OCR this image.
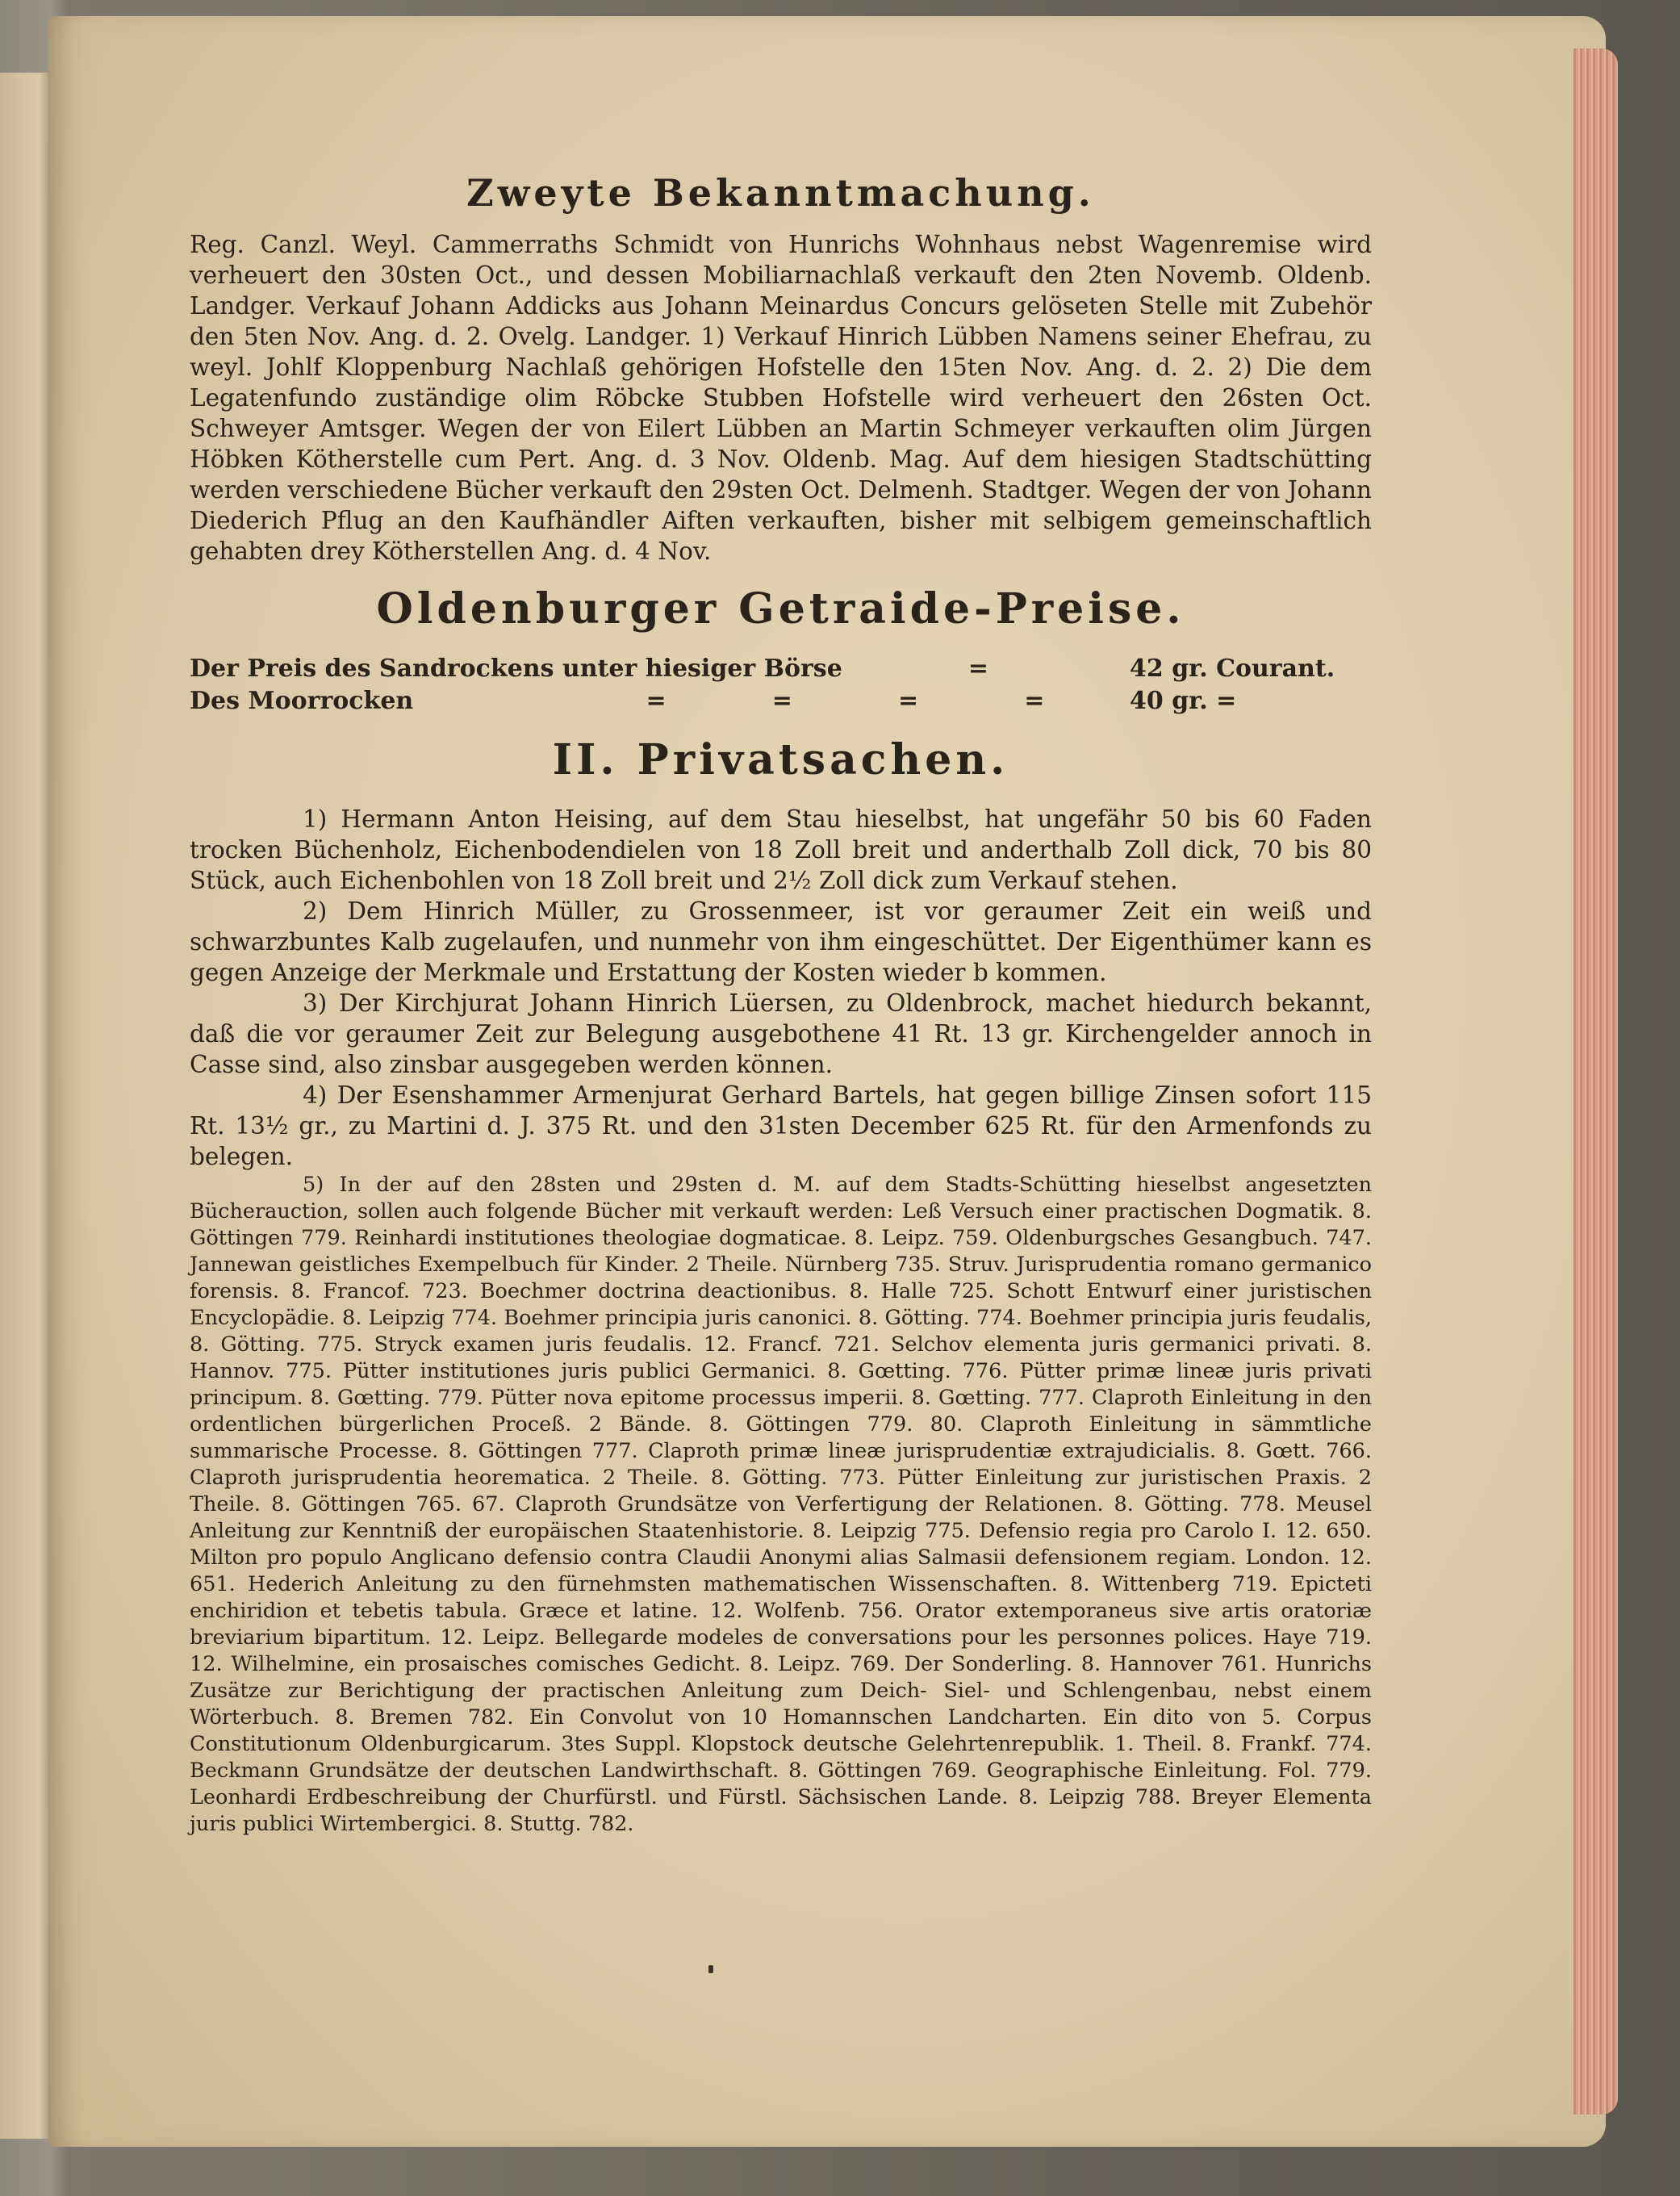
Zweyte Bekanntmachung.

Reg. Canzl. Weyl. Cammerraths Schmidt von Hunrichs Wohnhaus nebst Wagenremise wird verheuert den 30sten Oct., und dessen Mobiliarnachlaß verkauft den 2ten Novemb. Oldenb. Landger. Verkauf Johann Addicks aus Johann Meinardus Concurs gelöseten Stelle mit Zubehör den 5ten Nov. Ang. d. 2. Ovelg. Landger. 1) Verkauf Hinrich Lübben Namens seiner Ehefrau, zu weyl. Johlf Kloppenburg Nachlaß gehörigen Hofstelle den 15ten Nov. Ang. d. 2. 2) Die dem Legatenfundo zuständige olim Röbcke Stubben Hofstelle wird verheuert den 26sten Oct. Schweyer Amtsger. Wegen der von Eilert Lübben an Martin Schmeyer verkauften olim Jürgen Höbken Kötherstelle cum Pert. Ang. d. 3 Nov. Oldenb. Mag. Auf dem hiesigen Stadtschütting werden verschiedene Bücher verkauft den 29sten Oct. Delmenh. Stadtger. Wegen der von Johann Diederich Pflug an den Kaufhändler Aiften verkauften, bisher mit selbigem gemeinschaftlich gehabten drey Kötherstellen Ang. d. 4 Nov.

Oldenburger Getraide-Preise.
Der Preis des Sandrockens unter hiesiger Börse	=	42 gr. Courant.
Des Moorrocken	=	=	=	=	40 gr. =
II. Privatsachen.

1) Hermann Anton Heising, auf dem Stau hieselbst, hat ungefähr 50 bis 60 Faden trocken Büchenholz, Eichenbodendielen von 18 Zoll breit und anderthalb Zoll dick, 70 bis 80 Stück, auch Eichenbohlen von 18 Zoll breit und 2½ Zoll dick zum Verkauf stehen.

2) Dem Hinrich Müller, zu Grossenmeer, ist vor geraumer Zeit ein weiß und schwarzbuntes Kalb zugelaufen, und nunmehr von ihm eingeschüttet. Der Eigenthümer kann es gegen Anzeige der Merkmale und Erstattung der Kosten wieder b kommen.

3) Der Kirchjurat Johann Hinrich Lüersen, zu Oldenbrock, machet hiedurch bekannt, daß die vor geraumer Zeit zur Belegung ausgebothene 41 Rt. 13 gr. Kirchengelder annoch in Casse sind, also zinsbar ausgegeben werden können.

4) Der Esenshammer Armenjurat Gerhard Bartels, hat gegen billige Zinsen sofort 115 Rt. 13½ gr., zu Martini d. J. 375 Rt. und den 31sten December 625 Rt. für den Armenfonds zu belegen.

5) In der auf den 28sten und 29sten d. M. auf dem Stadts-Schütting hieselbst angesetzten Bücherauction, sollen auch folgende Bücher mit verkauft werden: Leß Versuch einer practischen Dogmatik. 8. Göttingen 779. Reinhardi institutiones theologiae dogmaticae. 8. Leipz. 759. Oldenburgsches Gesangbuch. 747. Jannewan geistliches Exempelbuch für Kinder. 2 Theile. Nürnberg 735. Struv. Jurisprudentia romano germanico forensis. 8. Francof. 723. Boechmer doctrina deactionibus. 8. Halle 725. Schott Entwurf einer juristischen Encyclopädie. 8. Leipzig 774. Boehmer principia juris canonici. 8. Götting. 774. Boehmer principia juris feudalis, 8. Götting. 775. Stryck examen juris feudalis. 12. Francf. 721. Selchov elementa juris germanici privati. 8. Hannov. 775. Pütter institutiones juris publici Germanici. 8. Gœtting. 776. Pütter primæ lineæ juris privati principum. 8. Gœtting. 779. Pütter nova epitome processus imperii. 8. Gœtting. 777. Claproth Einleitung in den ordentlichen bürgerlichen Proceß. 2 Bände. 8. Göttingen 779. 80. Claproth Einleitung in sämmtliche summarische Processe. 8. Göttingen 777. Claproth primæ lineæ jurisprudentiæ extrajudicialis. 8. Gœtt. 766. Claproth jurisprudentia heorematica. 2 Theile. 8. Götting. 773. Pütter Einleitung zur juristischen Praxis. 2 Theile. 8. Göttingen 765. 67. Claproth Grundsätze von Verfertigung der Relationen. 8. Götting. 778. Meusel Anleitung zur Kenntniß der europäischen Staatenhistorie. 8. Leipzig 775. Defensio regia pro Carolo I. 12. 650. Milton pro populo Anglicano defensio contra Claudii Anonymi alias Salmasii defensionem regiam. London. 12. 651. Hederich Anleitung zu den fürnehmsten mathematischen Wissenschaften. 8. Wittenberg 719. Epicteti enchiridion et tebetis tabula. Græce et latine. 12. Wolfenb. 756. Orator extemporaneus sive artis oratoriæ breviarium bipartitum. 12. Leipz. Bellegarde modeles de conversations pour les personnes polices. Haye 719. 12. Wilhelmine, ein prosaisches comisches Gedicht. 8. Leipz. 769. Der Sonderling. 8. Hannover 761. Hunrichs Zusätze zur Berichtigung der practischen Anleitung zum Deich- Siel- und Schlengenbau, nebst einem Wörterbuch. 8. Bremen 782. Ein Convolut von 10 Homannschen Landcharten. Ein dito von 5. Corpus Constitutionum Oldenburgicarum. 3tes Suppl. Klopstock deutsche Gelehrtenrepublik. 1. Theil. 8. Frankf. 774. Beckmann Grundsätze der deutschen Landwirthschaft. 8. Göttingen 769. Geographische Einleitung. Fol. 779. Leonhardi Erdbeschreibung der Churfürstl. und Fürstl. Sächsischen Lande. 8. Leipzig 788. Breyer Elementa juris publici Wirtembergici. 8. Stuttg. 782.
